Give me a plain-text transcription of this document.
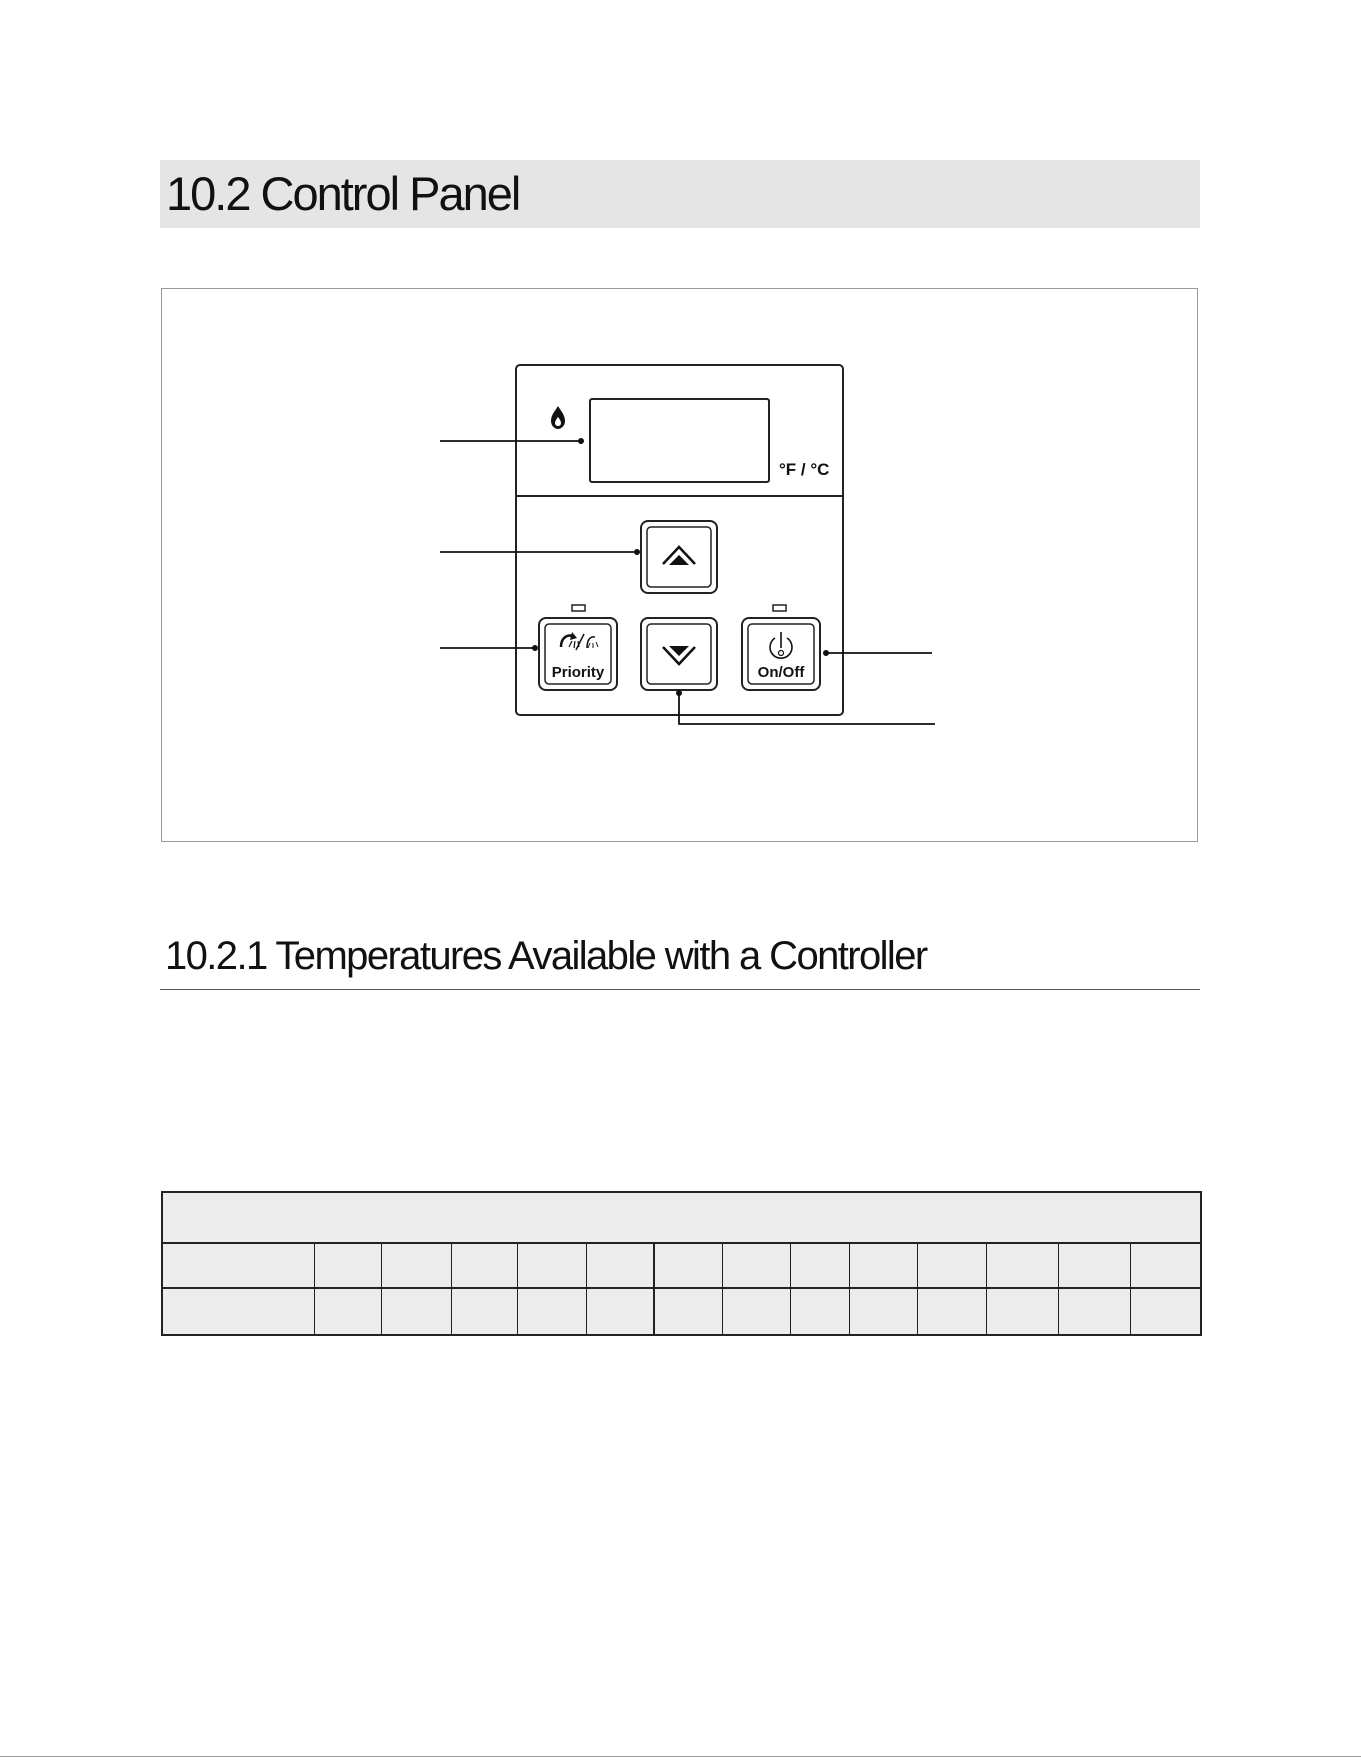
10.2 Control Panel
°F / °C
Priority	On/Off
10.2.1 Temperatures Available with a Controller
